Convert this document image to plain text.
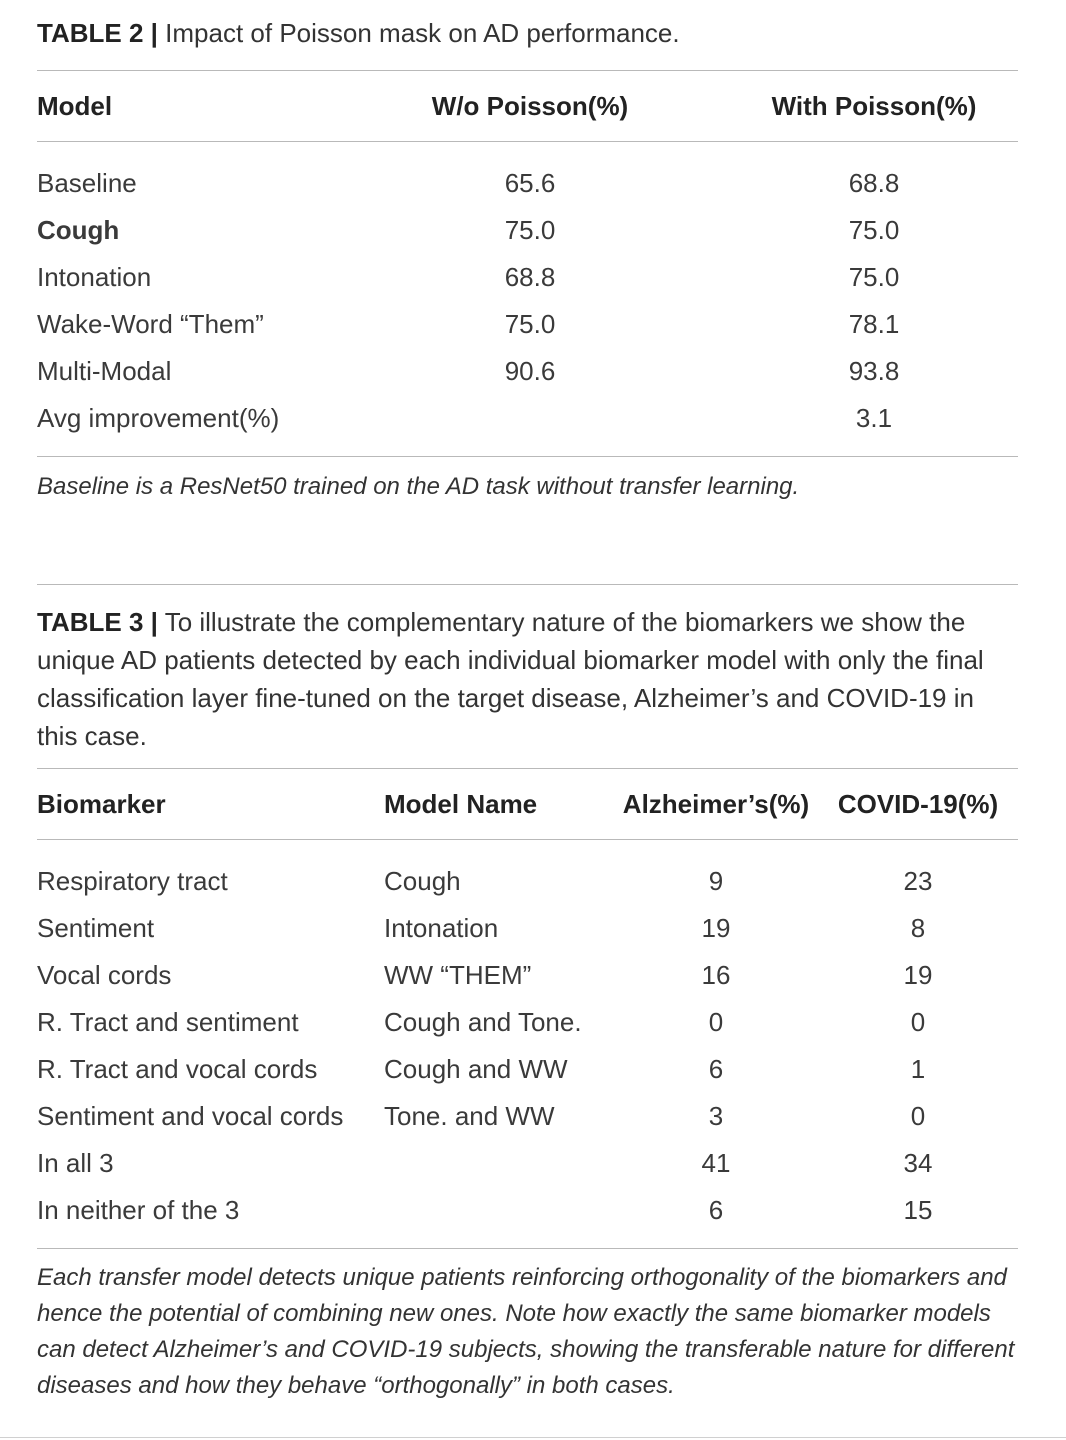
TABLE 2 | Impact of Poisson mask on AD performance.
Model	W/o Poisson(%)	With Poisson(%)

Baseline	65.6	68.8
Cough	75.0	75.0
Intonation	68.8	75.0
Wake-Word “Them”	75.0	78.1
Multi-Modal	90.6	93.8
Avg improvement(%)		3.1
Baseline is a ResNet50 trained on the AD task without transfer learning.
TABLE 3 | To illustrate the complementary nature of the biomarkers we show the unique AD patients detected by each individual biomarker model with only the final classification layer fine-tuned on the target disease, Alzheimer’s and COVID-19 in this case.
Biomarker	Model Name	Alzheimer’s(%)	COVID-19(%)

Respiratory tract	Cough	9	23
Sentiment	Intonation	19	8
Vocal cords	WW “THEM”	16	19
R. Tract and sentiment	Cough and Tone.	0	0
R. Tract and vocal cords	Cough and WW	6	1
Sentiment and vocal cords	Tone. and WW	3	0
In all 3		41	34
In neither of the 3		6	15
Each transfer model detects unique patients reinforcing orthogonality of the biomarkers and hence the potential of combining new ones. Note how exactly the same biomarker models can detect Alzheimer’s and COVID-19 subjects, showing the transferable nature for different diseases and how they behave “orthogonally” in both cases.
